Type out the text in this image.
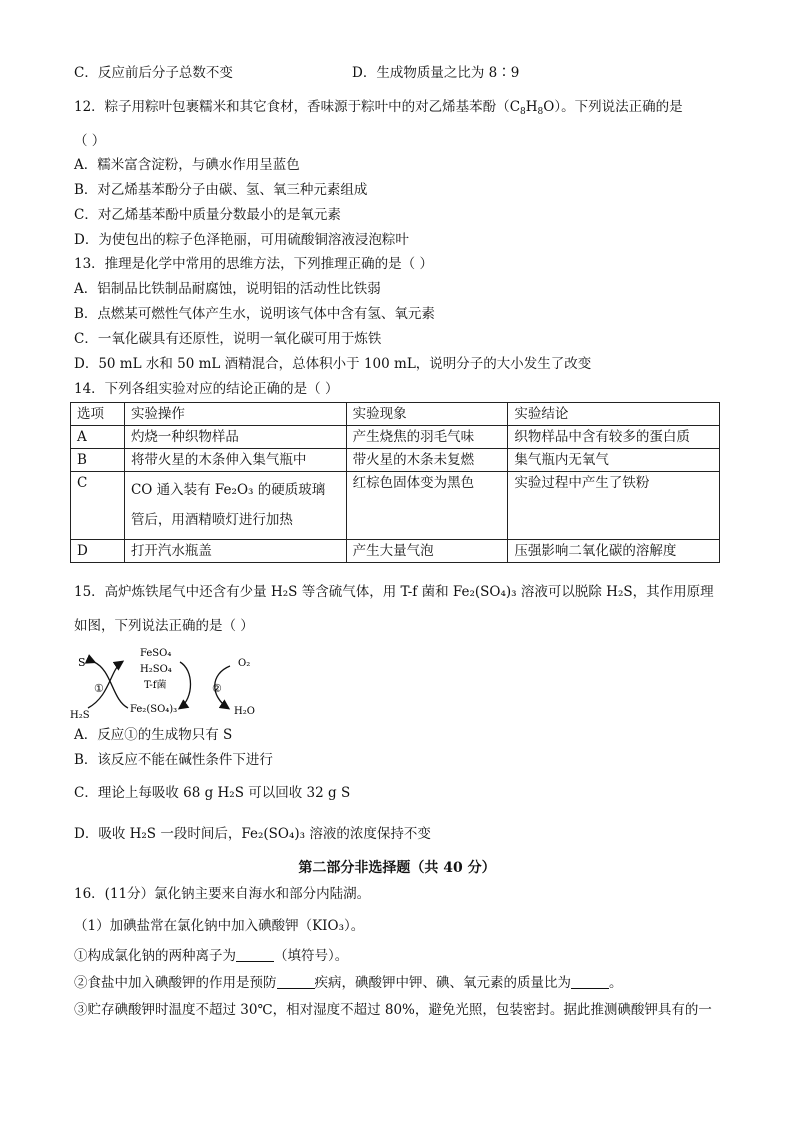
C．反应前后分子总数不变	D．生成物质量之比为 8∶9
12．粽子用粽叶包裹糯米和其它食材，香味源于粽叶中的对乙烯基苯酚$(C_8H_8O)$。下列说法正确的是
（ ）
A．糯米富含淀粉，与碘水作用呈蓝色
B．对乙烯基苯酚分子由碳、氢、氧三种元素组成
C．对乙烯基苯酚中质量分数最小的是氧元素
D．为使包出的粽子色泽艳丽，可用硫酸铜溶液浸泡粽叶
13．推理是化学中常用的思维方法，下列推理正确的是（ ）
A．铝制品比铁制品耐腐蚀，说明铝的活动性比铁弱
B．点燃某可燃性气体产生水，说明该气体中含有氢、氧元素
C．一氧化碳具有还原性，说明一氧化碳可用于炼铁
D．50 mL 水和 50 mL 酒精混合，总体积小于 100 mL，说明分子的大小发生了改变
14．下列各组实验对应的结论正确的是（ ）
选项	实验操作	实验现象	实验结论
A	灼烧一种织物样品	产生烧焦的羽毛气味	织物样品中含有较多的蛋白质
B	将带火星的木条伸入集气瓶中	带火星的木条未复燃	集气瓶内无氧气
C	CO 通入装有 Fe₂O₃ 的硬质玻璃
管后，用酒精喷灯进行加热	红棕色固体变为黑色	实验过程中产生了铁粉
D	打开汽水瓶盖	产生大量气泡	压强影响二氧化碳的溶解度
15．高炉炼铁尾气中还含有少量 H₂S 等含硫气体，用 T-f 菌和 Fe₂(SO₄)₃ 溶液可以脱除 H₂S，其作用原理
如图，下列说法正确的是（ ）
S
FeSO₄
H₂SO₄
T-f菌
Fe₂(SO₄)₃
H₂S
O₂
H₂O
①	②
A．反应①的生成物只有 S
B．该反应不能在碱性条件下进行
C．理论上每吸收 68 g H₂S 可以回收 32 g S
D．吸收 H₂S 一段时间后，Fe₂(SO₄)₃ 溶液的浓度保持不变
第二部分非选择题（共 40 分）
16．(11分）氯化钠主要来自海水和部分内陆湖。
（1）加碘盐常在氯化钠中加入碘酸钾（KIO₃）。
①构成氯化钠的两种离子为	（填符号）。
②食盐中加入碘酸钾的作用是预防	疾病，碘酸钾中钾、碘、氧元素的质量比为	。
③贮存碘酸钾时温度不超过 30℃，相对湿度不超过 80%，避免光照，包装密封。据此推测碘酸钾具有的一
